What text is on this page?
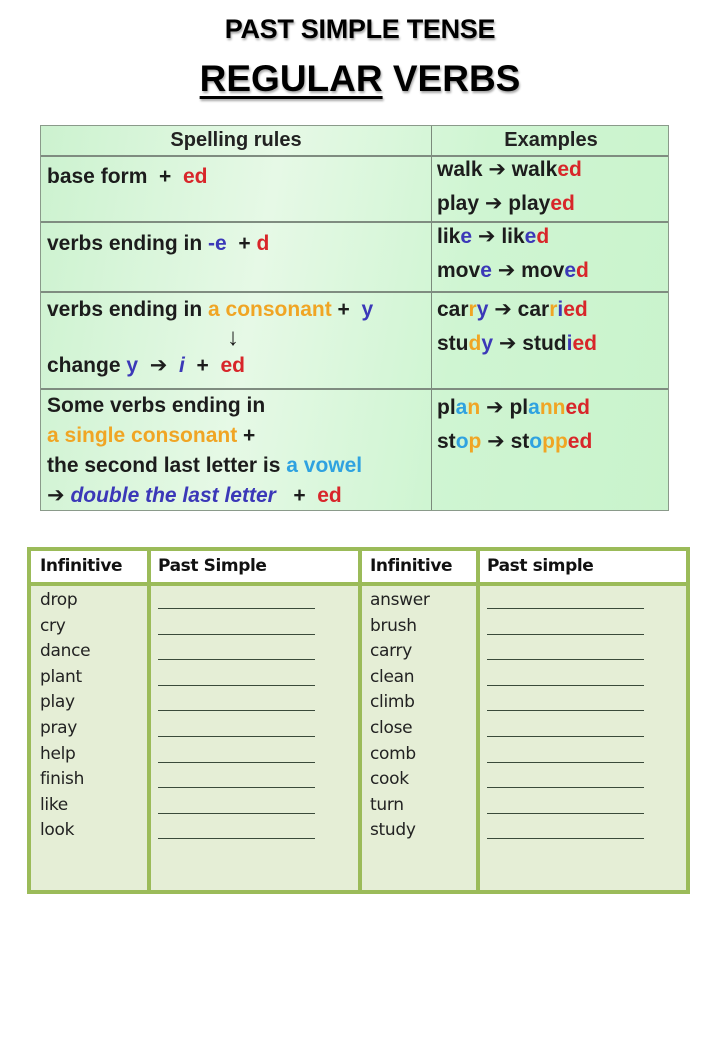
PAST SIMPLE TENSE
REGULAR VERBS
Spelling rules	Examples
base form  +  ed
verbs ending in -e  + d
verbs ending in a consonant +  y
↓
change y  ➔  i  +  ed
Some verbs ending in
a single consonant +
the second last letter is a vowel
➔ double the last letter   +  ed
walk ➔ walked
play ➔ played
like ➔ liked
move ➔ moved
carry ➔ carried
study ➔ studied
plan ➔ planned
stop ➔ stopped
Infinitive Past Simple	Infinitive Past simple
drop
cry
dance
plant
play
pray
help
finish
like
look
answer
brush
carry
clean
climb
close
comb
cook
turn
study
